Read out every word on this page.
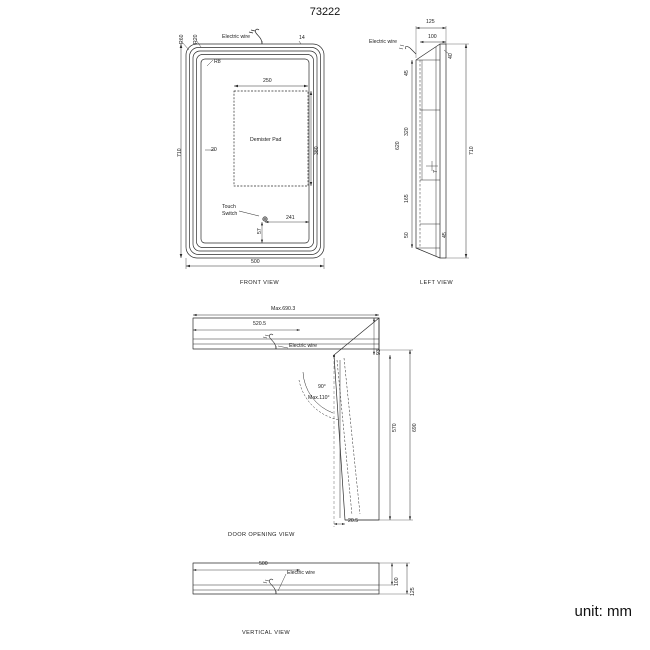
73222
Electric wire	14
R60 R20
R8
250
380
Demister Pad
20
710
Touch
Switch
241
57
500
FRONT VIEW
Electric wire
125
100
40
45
320
620
710
7
165
50	45
LEFT VIEW
Max.690.3
520.5
Electric wire
93
90°
Max.110°
570	690
20.5
DOOR OPENING VIEW
500
Electric wire
100
125
VERTICAL VIEW
unit: mm
